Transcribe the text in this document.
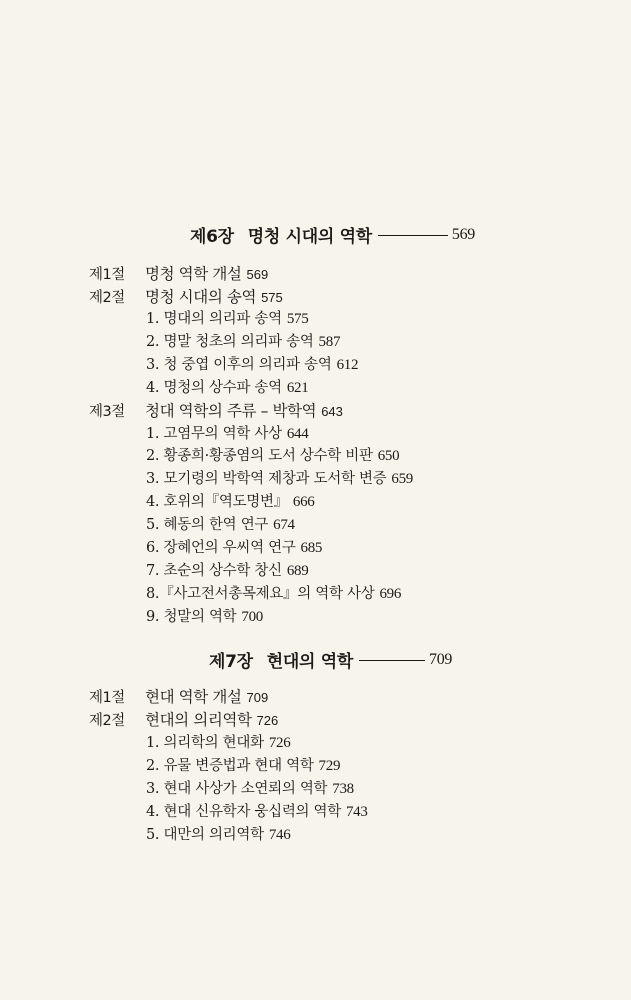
제6장 명청 시대의 역학	569
제1절	명청 역학 개설 569
제2절	명청 시대의 송역 575
1. 명대의 의리파 송역 575
2. 명말 청초의 의리파 송역 587
3. 청 중엽 이후의 의리파 송역 612
4. 명청의 상수파 송역 621
제3절	청대 역학의 주류 – 박학역 643
1. 고염무의 역학 사상 644
2. 황종희·황종염의 도서 상수학 비판 650
3. 모기령의 박학역 제창과 도서학 변증 659
4. 호위의『역도명변』 666
5. 혜동의 한역 연구 674
6. 장혜언의 우씨역 연구 685
7. 초순의 상수학 창신 689
8.『사고전서총목제요』의 역학 사상 696
9. 청말의 역학 700
제7장 현대의 역학	709
제1절	현대 역학 개설 709
제2절	현대의 의리역학 726
1. 의리학의 현대화 726
2. 유물 변증법과 현대 역학 729
3. 현대 사상가 소연뢰의 역학 738
4. 현대 신유학자 웅십력의 역학 743
5. 대만의 의리역학 746
